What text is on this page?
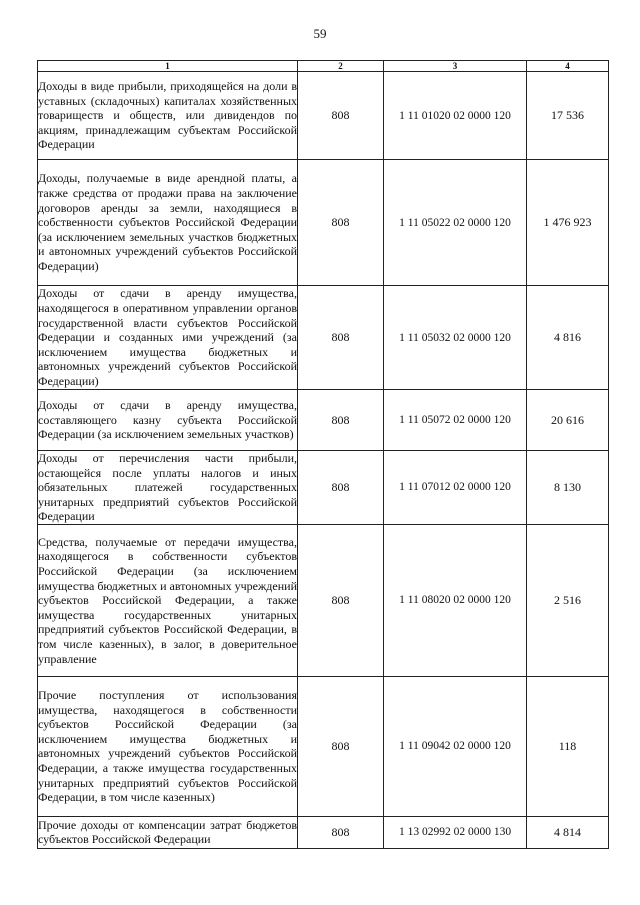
59
1	2	3	4
Доходы в виде прибыли, приходящейся на доли в уставных (складочных) капиталах хозяйственных товариществ и обществ, или дивидендов по акциям, принадлежащим субъектам Российской Федерации	808	1 11 01020 02 0000 120	17 536
Доходы, получаемые в виде арендной платы, а также средства от продажи права на заключение договоров аренды за земли, находящиеся в собственности субъектов Российской Федерации (за исключением земельных участков бюджетных и автономных учреждений субъектов Российской Федерации)	808	1 11 05022 02 0000 120	1 476 923
Доходы от сдачи в аренду имущества, находящегося в оперативном управлении органов государственной власти субъектов Российской Федерации и созданных ими учреждений (за исключением имущества бюджетных и автономных учреждений субъектов Российской Федерации)	808	1 11 05032 02 0000 120	4 816
Доходы от сдачи в аренду имущества, составляющего казну субъекта Российской Федерации (за исключением земельных участков)	808	1 11 05072 02 0000 120	20 616
Доходы от перечисления части прибыли, остающейся после уплаты налогов и иных обязательных платежей государственных унитарных предприятий субъектов Российской Федерации	808	1 11 07012 02 0000 120	8 130
Средства, получаемые от передачи имущества, находящегося в собственности субъектов Российской Федерации (за исключением имущества бюджетных и автономных учреждений субъектов Российской Федерации, а также имущества государственных унитарных предприятий субъектов Российской Федерации, в том числе казенных), в залог, в доверительное управление	808	1 11 08020 02 0000 120	2 516
Прочие поступления от использования имущества, находящегося в собственности субъектов Российской Федерации (за исключением имущества бюджетных и автономных учреждений субъектов Российской Федерации, а также имущества государственных унитарных предприятий субъектов Российской Федерации, в том числе казенных)	808	1 11 09042 02 0000 120	118
Прочие доходы от компенсации затрат бюджетов субъектов Российской Федерации	808	1 13 02992 02 0000 130	4 814
